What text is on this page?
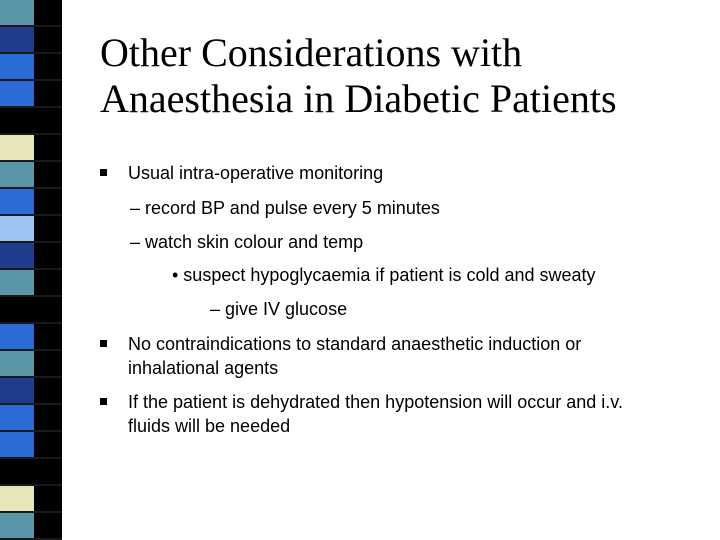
Other Considerations with
Anaesthesia in Diabetic Patients
Usual intra-operative monitoring
– record BP and pulse every 5 minutes
– watch skin colour and temp
• suspect hypoglycaemia if patient is cold and sweaty
– give IV glucose
No contraindications to standard anaesthetic induction or
inhalational agents
If the patient is dehydrated then hypotension will occur and i.v.
fluids will be needed
